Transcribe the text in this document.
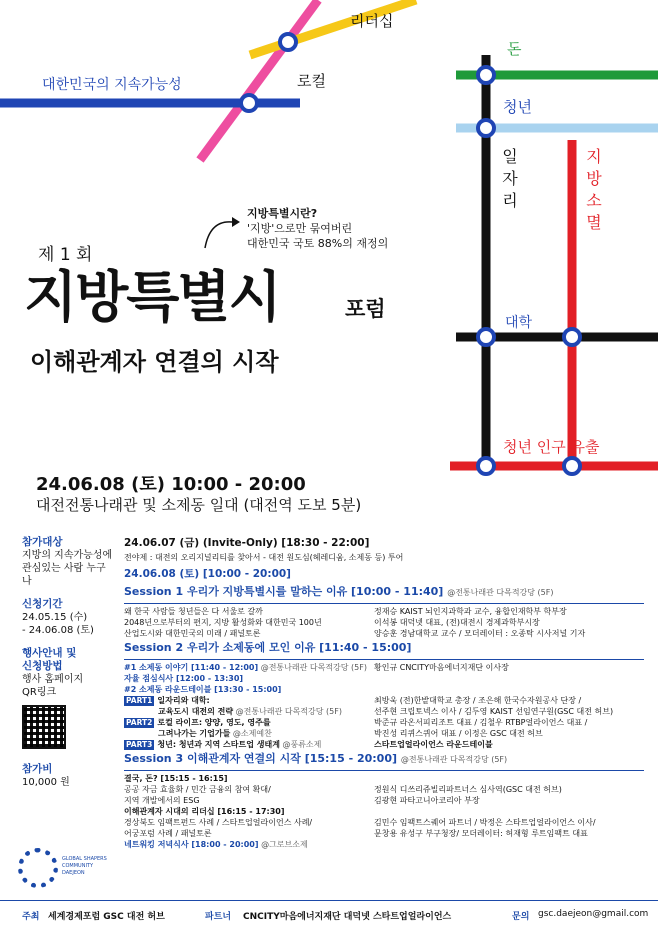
대한민국의 지속가능성
리더십
로컬
돈
청년
일자리
지방소멸
대학
청년 인구 유출
지방특별시란?
'지방'으로만 묶여버린
대한민국 국토 88%의 재정의
제 1 회
지방특별시	포럼
이해관계자 연결의 시작
24.06.08 (토) 10:00 - 20:00
대전전통나래관 및 소제동 일대 (대전역 도보 5분)
참가대상
지방의 지속가능성에
관심있는 사람 누구나
신청기간
24.05.15 (수)
- 24.06.08 (토)
행사안내 및
신청방법
행사 홈페이지
QR링크
참가비
10,000 원
GLOBAL SHAPERS COMMUNITY DAEJEON
24.06.07 (금) (Invite-Only) [18:30 - 22:00]
전야제 : 대전의 오리지널리티를 찾아서 - 대전 원도심(헤레디움, 소제동 등) 투어
24.06.08 (토) [10:00 - 20:00]
Session 1 우리가 지방특별시를 말하는 이유 [10:00 - 11:40] @전통나래관 다목적강당 (5F)
왜 한국 사람들 청년들은 다 서울로 갈까	정재승 KAIST 뇌인지과학과 교수, 융합인재학부 학부장
2048년으로부터의 편지, 지방 활성화와 대한민국 100년	이석봉 대덕넷 대표, (전)대전시 경제과학부시장
산업도시와 대한민국의 미래 / 패널토론	양승훈 경남대학교 교수 / 모더레이터 : 오종탁 시사저널 기자
Session 2 우리가 소제동에 모인 이유 [11:40 - 15:00]
#1 소제동 이야기 [11:40 - 12:00] @전통나래관 다목적강당 (5F) 황인규 CNCITY마음에너지재단 이사장
자율 점심식사 [12:00 - 13:30]
#2 소제동 라운드테이블 [13:30 - 15:00]
PART1 일자리와 대학:	최방욱 (전)한밭대학교 총장 / 조은해 한국수자원공사 단장 /
교육도시 대전의 전략 @전통나래관 다목적강당 (5F)	선주현 크립토넥스 이사 / 김두영 KAIST 선임연구원(GSC 대전 허브)
PART2 로컬 라이프: 양양, 영도, 영주를	박준규 라온서피리조트 대표 / 김철우 RTBP얼라이언스 대표 /
그려나가는 기업가들 @소제예찬	박진성 리퀴스퀴어 대표 / 이정은 GSC 대전 허브
PART3 청년: 청년과 지역 스타트업 생태계 @풍류소제	스타트업얼라이언스 라운드테이블
Session 3 이해관계자 연결의 시작 [15:15 - 20:00] @전통나래관 다목적강당 (5F)
결국, 돈? [15:15 - 16:15]
공공 자금 효율화 / 민간 금융의 참여 확대/	정원식 디쓰리쥬빌리파트너스 심사역(GSC 대전 허브)
지역 개발에서의 ESG	김광현 파타고니아코리아 부장
이해관계자 시대의 리더십 [16:15 - 17:30]
경상북도 임팩트펀드 사례 / 스타트업얼라이언스 사례/	김민수 임팩트스퀘어 파트너 / 박정은 스타트업얼라이언스 이사/
어궁포럼 사례 / 패널토론	문창용 유성구 부구청장/ 모더레이터: 허재형 루트임팩트 대표
네트워킹 저녁식사 [18:00 - 20:00] @그로브소제
주최 세계경제포럼 GSC 대전 허브	파트너 CNCITY마음에너지재단 대덕넷 스타트업얼라이언스	문의 gsc.daejeon@gmail.com
